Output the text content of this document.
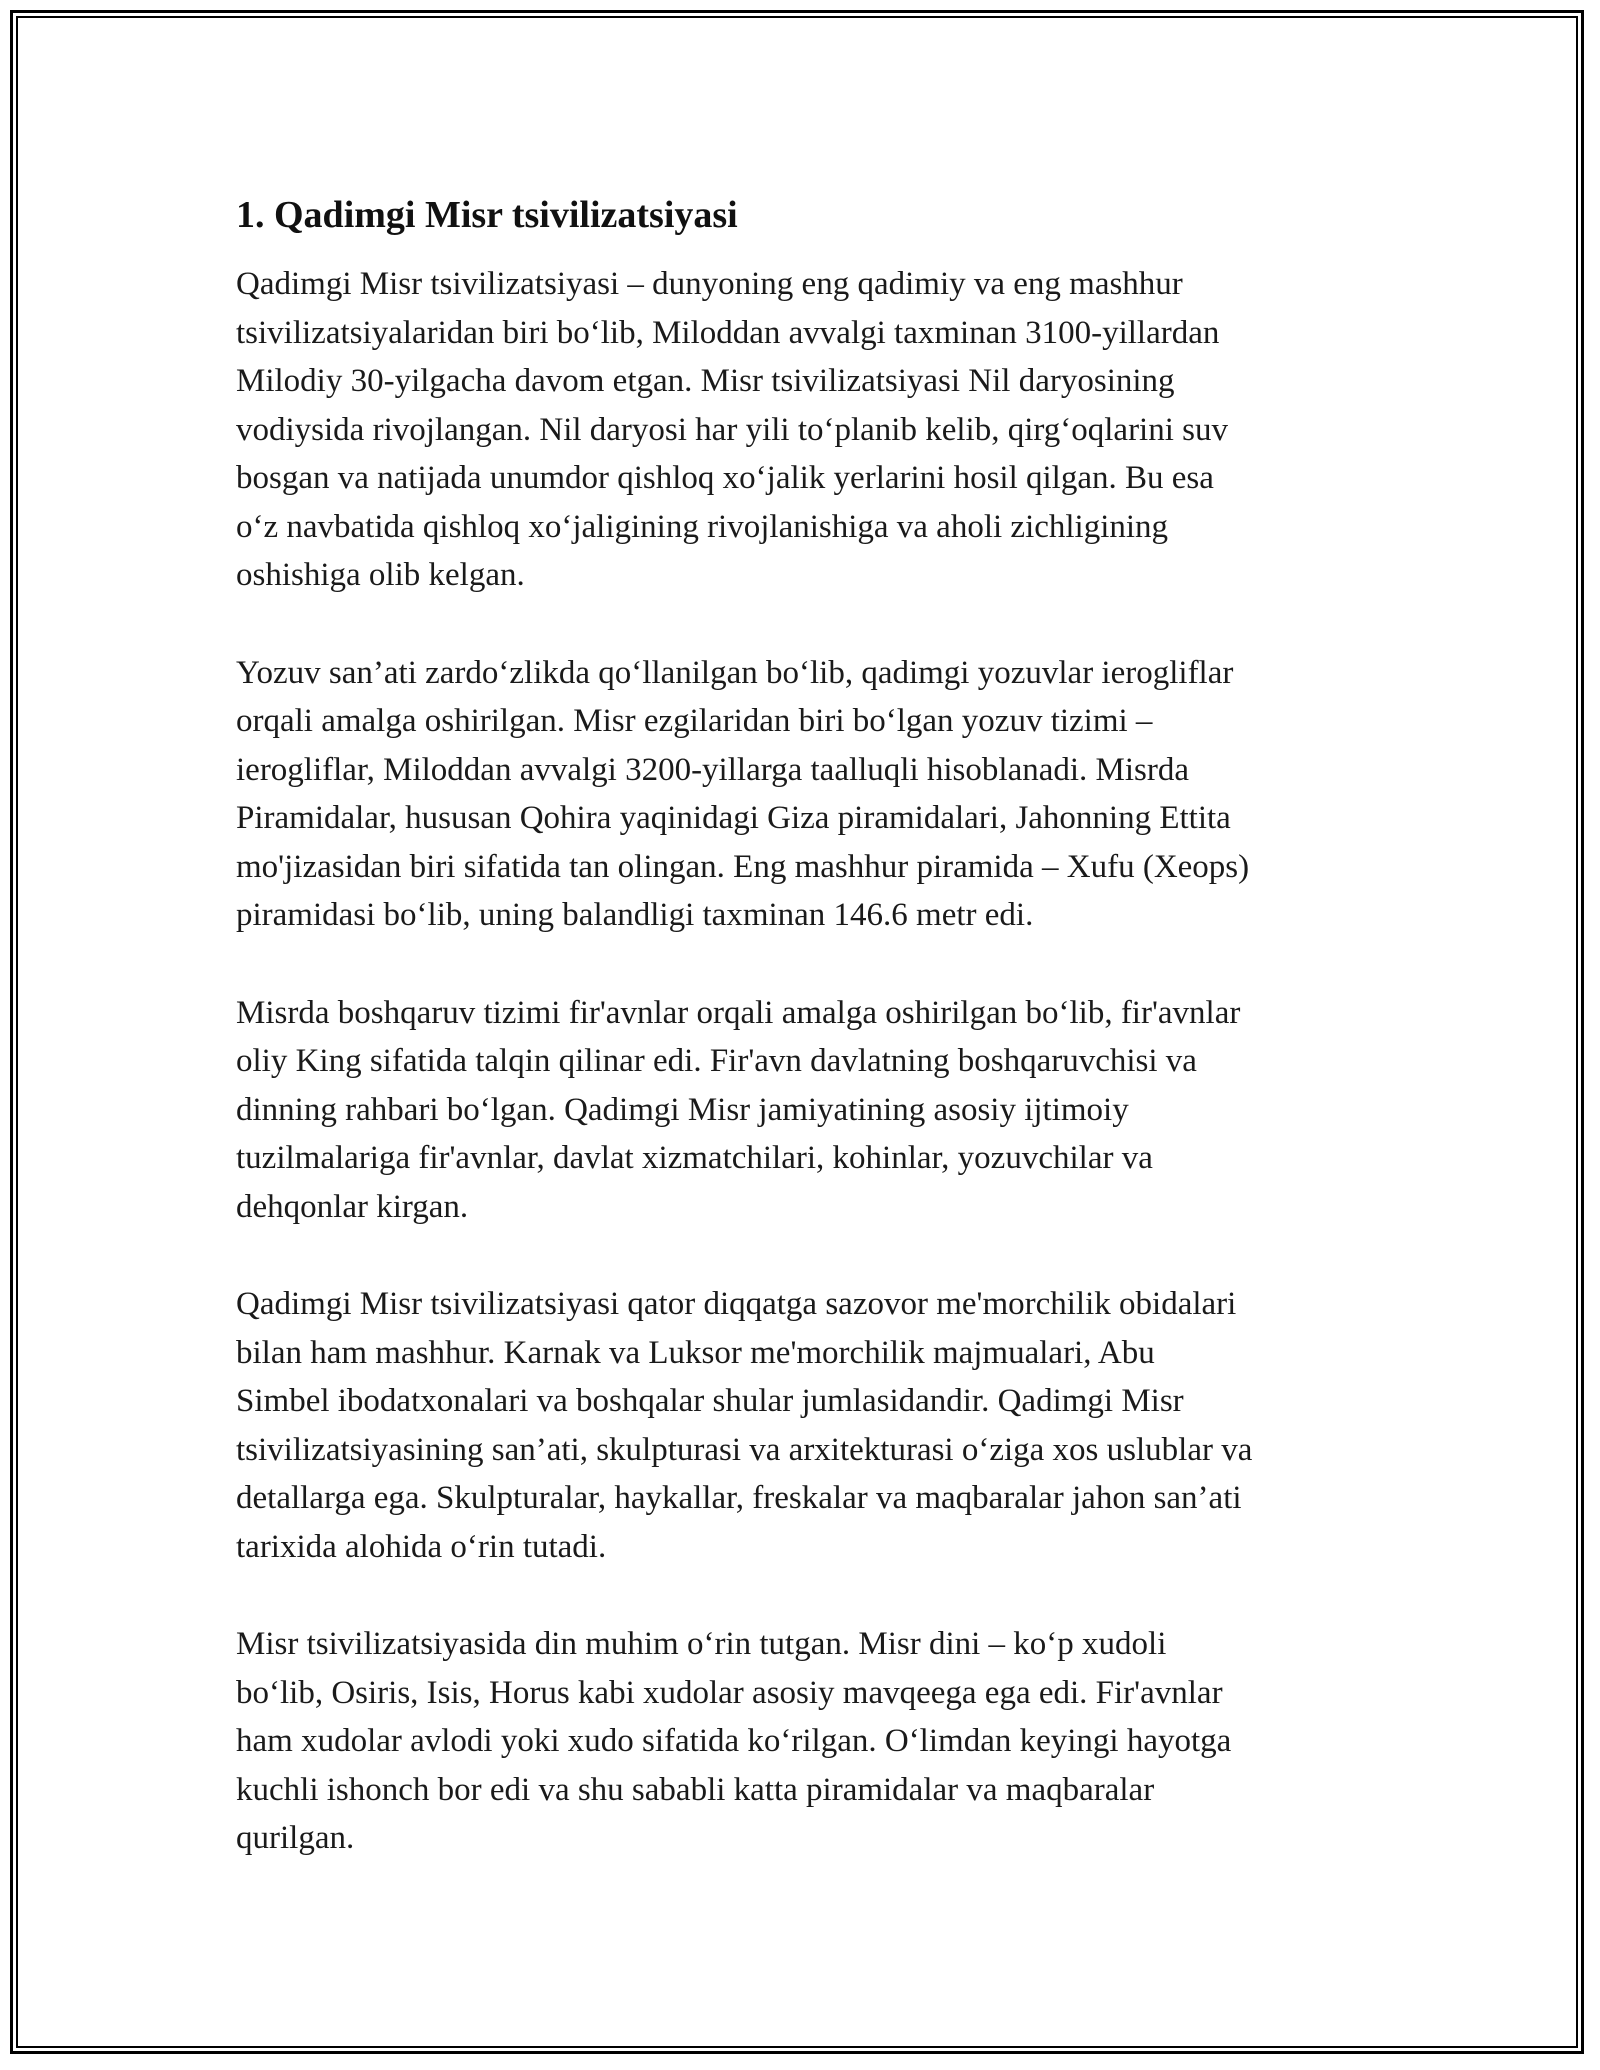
1. Qadimgi Misr tsivilizatsiyasi

Qadimgi Misr tsivilizatsiyasi – dunyoning eng qadimiy va eng mashhur
tsivilizatsiyalaridan biri bo‘lib, Miloddan avvalgi taxminan 3100-yillardan
Milodiy 30-yilgacha davom etgan. Misr tsivilizatsiyasi Nil daryosining
vodiysida rivojlangan. Nil daryosi har yili to‘planib kelib, qirg‘oqlarini suv
bosgan va natijada unumdor qishloq xo‘jalik yerlarini hosil qilgan. Bu esa
o‘z navbatida qishloq xo‘jaligining rivojlanishiga va aholi zichligining
oshishiga olib kelgan.

Yozuv san’ati zardo‘zlikda qo‘llanilgan bo‘lib, qadimgi yozuvlar ierogliflar
orqali amalga oshirilgan. Misr ezgilaridan biri bo‘lgan yozuv tizimi –
ierogliflar, Miloddan avvalgi 3200-yillarga taalluqli hisoblanadi. Misrda
Piramidalar, hususan Qohira yaqinidagi Giza piramidalari, Jahonning Ettita
mo'jizasidan biri sifatida tan olingan. Eng mashhur piramida – Xufu (Xeops)
piramidasi bo‘lib, uning balandligi taxminan 146.6 metr edi.

Misrda boshqaruv tizimi fir'avnlar orqali amalga oshirilgan bo‘lib, fir'avnlar
oliy King sifatida talqin qilinar edi. Fir'avn davlatning boshqaruvchisi va
dinning rahbari bo‘lgan. Qadimgi Misr jamiyatining asosiy ijtimoiy
tuzilmalariga fir'avnlar, davlat xizmatchilari, kohinlar, yozuvchilar va
dehqonlar kirgan.

Qadimgi Misr tsivilizatsiyasi qator diqqatga sazovor me'morchilik obidalari
bilan ham mashhur. Karnak va Luksor me'morchilik majmualari, Abu
Simbel ibodatxonalari va boshqalar shular jumlasidandir. Qadimgi Misr
tsivilizatsiyasining san’ati, skulpturasi va arxitekturasi o‘ziga xos uslublar va
detallarga ega. Skulpturalar, haykallar, freskalar va maqbaralar jahon san’ati
tarixida alohida o‘rin tutadi.

Misr tsivilizatsiyasida din muhim o‘rin tutgan. Misr dini – ko‘p xudoli
bo‘lib, Osiris, Isis, Horus kabi xudolar asosiy mavqeega ega edi. Fir'avnlar
ham xudolar avlodi yoki xudo sifatida ko‘rilgan. O‘limdan keyingi hayotga
kuchli ishonch bor edi va shu sababli katta piramidalar va maqbaralar
qurilgan.
